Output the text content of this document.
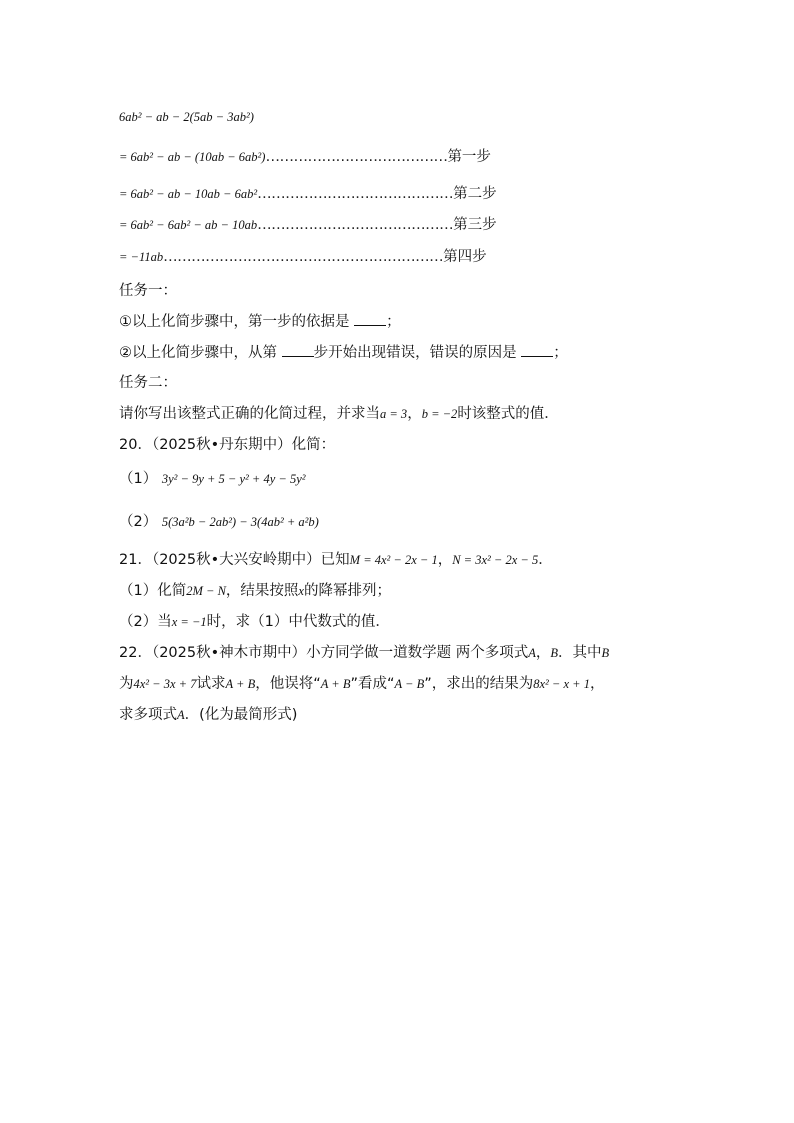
6ab² − ab − 2(5ab − 3ab²)
= 6ab² − ab − (10ab − 6ab²)…………………………………第一步
= 6ab² − ab − 10ab − 6ab²……………………………………第二步
= 6ab² − 6ab² − ab − 10ab……………………………………第三步
= −11ab……………………………………………………第四步
任务一：
①以上化简步骤中，第一步的依据是 ；
②以上化简步骤中，从第 步开始出现错误，错误的原因是 ；
任务二：
请你写出该整式正确的化简过程，并求当a = 3，b = −2时该整式的值．
20．（2025秋•丹东期中）化简：
（1） 3y² − 9y + 5 − y² + 4y − 5y²
（2） 5(3a²b − 2ab²) − 3(4ab² + a²b)
21．（2025秋•大兴安岭期中）已知M = 4x² − 2x − 1，N = 3x² − 2x − 5．
（1）化简2M − N，结果按照x的降幂排列；
（2）当x = −1时，求（1）中代数式的值．
22．（2025秋•神木市期中）小方同学做一道数学题 两个多项式A，B．其中B
为4x² − 3x + 7试求A + B，他误将“A + B”看成“A − B”，求出的结果为8x² − x + 1，
求多项式A．(化为最简形式)
